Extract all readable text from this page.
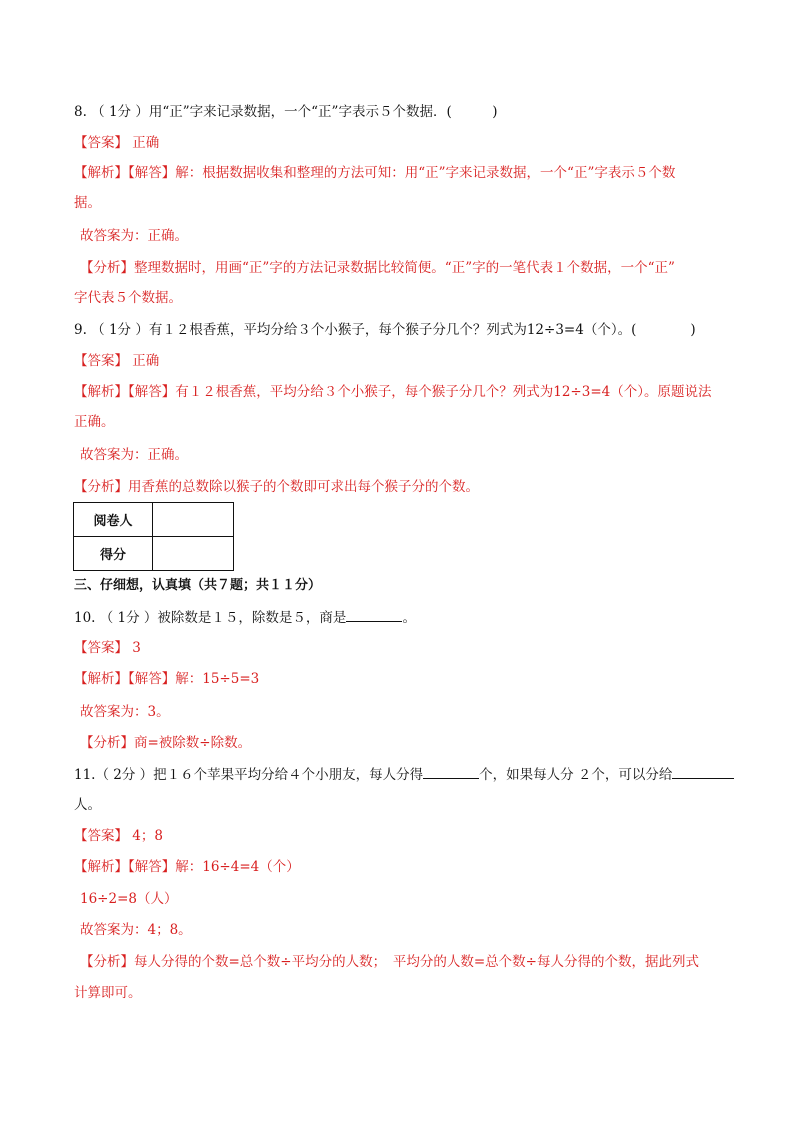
8. （ 1分 ）用“正”字来记录数据，一个“正”字表示５个数据．(　　　)
【答案】 正确
【解析】【解答】解：根据数据收集和整理的方法可知：用“正”字来记录数据，一个“正”字表示５个数
据。
故答案为：正确。
【分析】整理数据时，用画“正”字的方法记录数据比较简便。“正”字的一笔代表１个数据，一个“正”
字代表５个数据。
9. （ 1分 ）有１２根香蕉，平均分给３个小猴子，每个猴子分几个？列式为12÷3=4（个）。(　　　　)
【答案】 正确
【解析】【解答】有１２根香蕉，平均分给３个小猴子，每个猴子分几个？列式为12÷3=4（个）。原题说法
正确。
故答案为：正确。
【分析】用香蕉的总数除以猴子的个数即可求出每个猴子分的个数。
阅卷人	
得分	
三、仔细想，认真填（共７题；共１１分）
10. （ 1分 ）被除数是１５，除数是５，商是	。
【答案】 3
【解析】【解答】解：15÷5=3
故答案为：3。
【分析】商=被除数÷除数。
11.（ 2分 ）把１６个苹果平均分给４个小朋友，每人分得	个，如果每人分 ２个，可以分给
人。
【答案】 4；8
【解析】【解答】解：16÷4=4（个）
16÷2=8（人）
故答案为：4；8。
【分析】每人分得的个数=总个数÷平均分的人数；　平均分的人数=总个数÷每人分得的个数，据此列式
计算即可。
